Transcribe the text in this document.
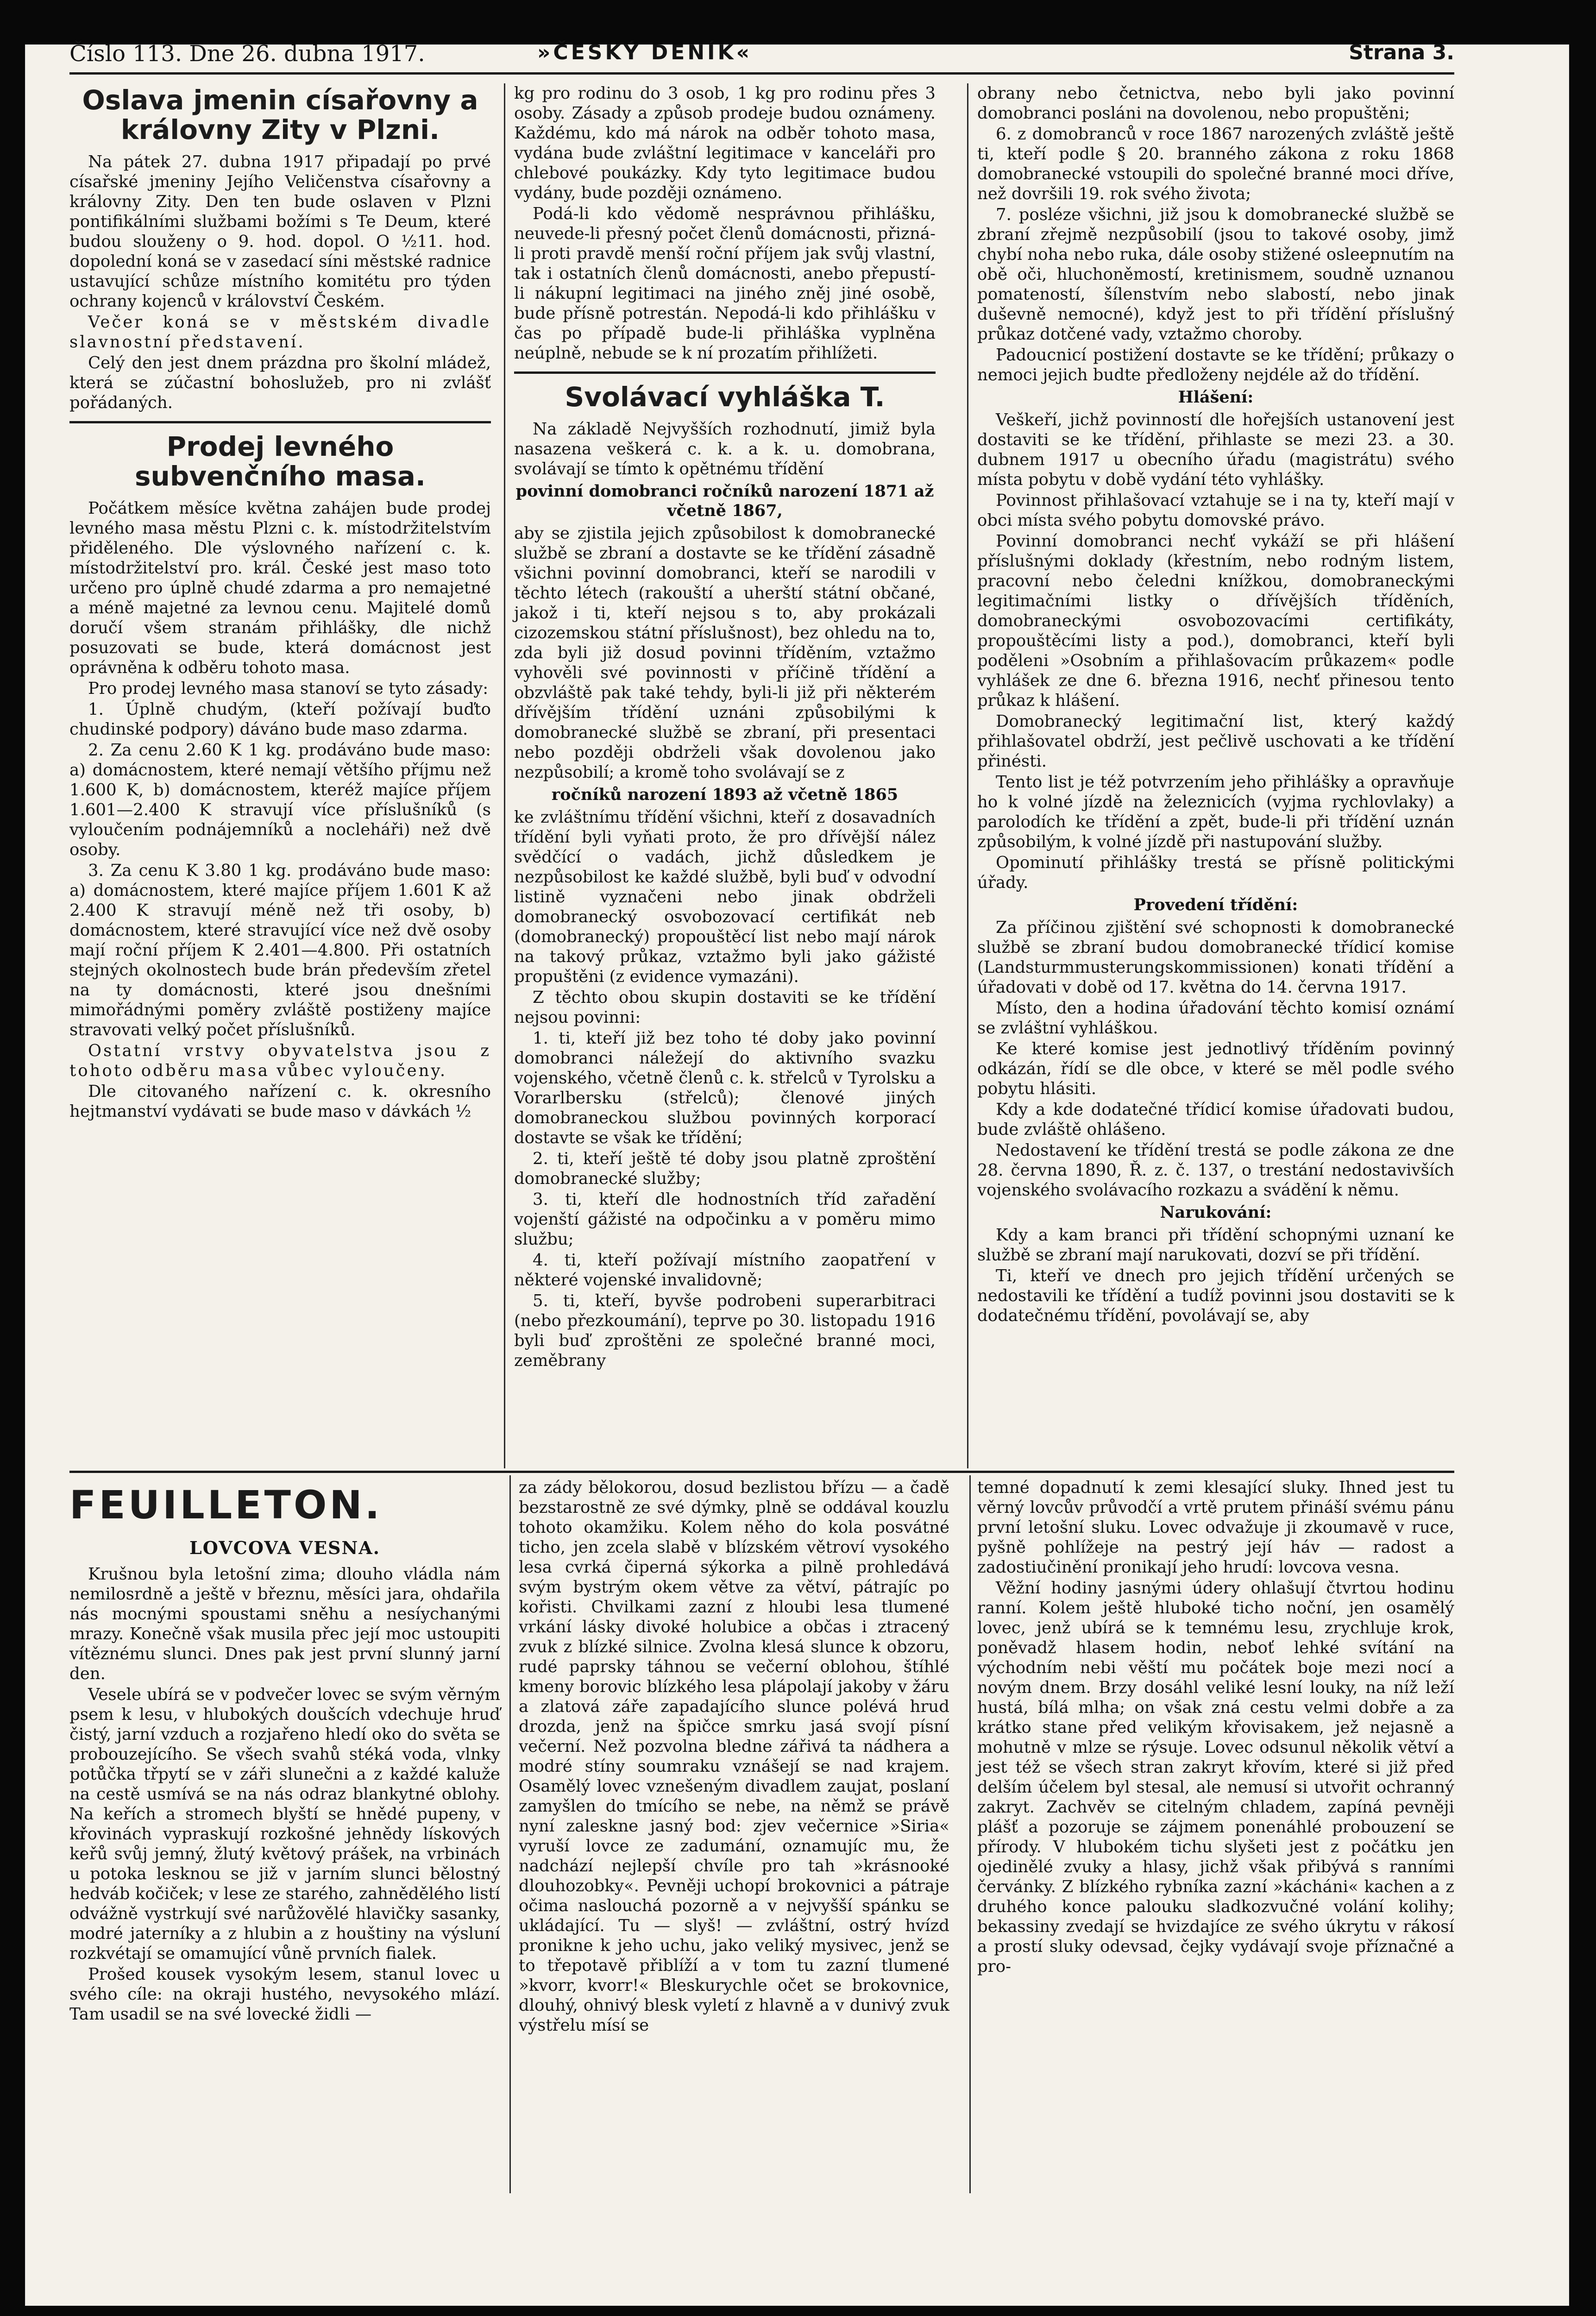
Číslo 113. Dne 26. dubna 1917.	»ČESKÝ DENÍK«	Strana 3.
Oslava jmenin císařovny a královny Zity v Plzni.

Na pátek 27. dubna 1917 připadají po prvé císařské jmeniny Jejího Veličenstva císařovny a královny Zity. Den ten bude oslaven v Plzni pontifikálními službami božími s Te Deum, které budou slouženy o 9. hod. dopol. O ½11. hod. dopolední koná se v zasedací síni městské radnice ustavující schůze místního komitétu pro týden ochrany kojenců v království Českém.

Večer koná se v městském divadle slavnostní představení.

Celý den jest dnem prázdna pro školní mládež, která se zúčastní bohoslužeb, pro ni zvlášť pořádaných.

Prodej levného subvenčního masa.

Počátkem měsíce května zahájen bude prodej levného masa městu Plzni c. k. místodržitelstvím přiděleného. Dle výslovného nařízení c. k. místodržitelství pro. král. České jest maso toto určeno pro úplně chudé zdarma a pro nemajetné a méně majetné za levnou cenu. Majitelé domů doručí všem stranám přihlášky, dle nichž posuzovati se bude, která domácnost jest oprávněna k odběru tohoto masa.

Pro prodej levného masa stanoví se tyto zásady:

1. Úplně chudým, (kteří požívají buďto chudinské podpory) dáváno bude maso zdarma.

2. Za cenu 2.60 K 1 kg. prodáváno bude maso: a) domácnostem, které nemají většího příjmu než 1.600 K, b) domácnostem, kteréž majíce příjem 1.601—2.400 K stravují více příslušníků (s vyloučením podnájemníků a nocleháři) než dvě osoby.

3. Za cenu K 3.80 1 kg. prodáváno bude maso: a) domácnostem, které majíce příjem 1.601 K až 2.400 K stravují méně než tři osoby, b) domácnostem, které stravující více než dvě osoby mají roční příjem K 2.401—4.800. Při ostatních stejných okolnostech bude brán především zřetel na ty domácnosti, které jsou dnešními mimořádnými poměry zvláště postiženy majíce stravovati velký počet příslušníků.

Ostatní vrstvy obyvatelstva jsou z tohoto odběru masa vůbec vyloučeny.

Dle citovaného nařízení c. k. okresního hejtmanství vydávati se bude maso v dávkách ½

kg pro rodinu do 3 osob, 1 kg pro rodinu přes 3 osoby. Zásady a způsob prodeje budou oznámeny. Každému, kdo má nárok na odběr tohoto masa, vydána bude zvláštní legitimace v kanceláři pro chlebové poukázky. Kdy tyto legitimace budou vydány, bude později oznámeno.

Podá-li kdo vědomě nesprávnou přihlášku, neuvede-li přesný počet členů domácnosti, přizná-li proti pravdě menší roční příjem jak svůj vlastní, tak i ostatních členů domácnosti, anebo přepustí-li nákupní legitimaci na jiného zněj jiné osobě, bude přísně potrestán. Nepodá-li kdo přihlášku v čas po případě bude-li přihláška vyplněna neúplně, nebude se k ní prozatím přihlížeti.

Svolávací vyhláška T.

Na základě Nejvyšších rozhodnutí, jimiž byla nasazena veškerá c. k. a k. u. domobrana, svolávají se tímto k opětnému třídění

povinní domobranci ročníků narození 1871 až včetně 1867,

aby se zjistila jejich způsobilost k domobranecké službě se zbraní a dostavte se ke třídění zásadně všichni povinní domobranci, kteří se narodili v těchto létech (rakouští a uherští státní občané, jakož i ti, kteří nejsou s to, aby prokázali cizozemskou státní příslušnost), bez ohledu na to, zda byli již dosud povinni tříděním, vztažmo vyhověli své povinnosti v příčině třídění a obzvláště pak také tehdy, byli-li již při některém dřívějším třídění uznáni způsobilými k domobranecké službě se zbraní, při presentaci nebo později obdrželi však dovolenou jako nezpůsobilí; a kromě toho svolávají se z

ročníků narození 1893 až včetně 1865

ke zvláštnímu třídění všichni, kteří z dosavadních třídění byli vyňati proto, že pro dřívější nález svědčící o vadách, jichž důsledkem je nezpůsobilost ke každé službě, byli buď v odvodní listině vyznačeni nebo jinak obdrželi domobranecký osvobozovací certifikát neb (domobranecký) propouštěcí list nebo mají nárok na takový průkaz, vztažmo byli jako gážisté propuštěni (z evidence vymazáni).

Z těchto obou skupin dostaviti se ke třídění nejsou povinni:

1. ti, kteří již bez toho té doby jako povinní domobranci náležejí do aktivního svazku vojenského, včetně členů c. k. střelců v Tyrolsku a Vorarlbersku (střelců); členové jiných domobraneckou službou povinných korporací dostavte se však ke třídění;

2. ti, kteří ještě té doby jsou platně zproštění domobranecké služby;

3. ti, kteří dle hodnostních tříd zařadění vojenští gážisté na odpočinku a v poměru mimo službu;

4. ti, kteří požívají místního zaopatření v některé vojenské invalidovně;

5. ti, kteří, byvše podrobeni superarbitraci (nebo přezkoumání), teprve po 30. listopadu 1916 byli buď zproštěni ze společné branné moci, zeměbrany

obrany nebo četnictva, nebo byli jako povinní domobranci posláni na dovolenou, nebo propuštěni;

6. z domobranců v roce 1867 narozených zvláště ještě ti, kteří podle § 20. branného zákona z roku 1868 domobranecké vstoupili do společné branné moci dříve, než dovršili 19. rok svého života;

7. posléze všichni, již jsou k domobranecké službě se zbraní zřejmě nezpůsobilí (jsou to takové osoby, jimž chybí noha nebo ruka, dále osoby stižené osleepnutím na obě oči, hluchoněmostí, kretinismem, soudně uznanou pomateností, šílenstvím nebo slabostí, nebo jinak duševně nemocné), když jest to při třídění příslušný průkaz dotčené vady, vztažmo choroby.

Padoucnicí postižení dostavte se ke třídění; průkazy o nemoci jejich budte předloženy nejdéle až do třídění.

Hlášení:

Veškeří, jichž povinností dle hořejších ustanovení jest dostaviti se ke třídění, přihlaste se mezi 23. a 30. dubnem 1917 u obecního úřadu (magistrátu) svého místa pobytu v době vydání této vyhlášky.

Povinnost přihlašovací vztahuje se i na ty, kteří mají v obci místa svého pobytu domovské právo.

Povinní domobranci nechť vykáží se při hlášení příslušnými doklady (křestním, nebo rodným listem, pracovní nebo čeledni knížkou, domobraneckými legitimačními listky o dřívějších tříděních, domobraneckými osvobozovacími certifikáty, propouštěcími listy a pod.), domobranci, kteří byli poděleni »Osobním a přihlašovacím průkazem« podle vyhlášek ze dne 6. března 1916, nechť přinesou tento průkaz k hlášení.

Domobranecký legitimační list, který každý přihlašovatel obdrží, jest pečlivě uschovati a ke třídění přinésti.

Tento list je též potvrzením jeho přihlášky a opravňuje ho k volné jízdě na železnicích (vyjma rychlovlaky) a parolodích ke třídění a zpět, bude-li při třídění uznán způsobilým, k volné jízdě při nastupování služby.

Opominutí přihlášky trestá se přísně politickými úřady.

Provedení třídění:

Za příčinou zjištění své schopnosti k domobranecké službě se zbraní budou domobranecké třídicí komise (Landsturmmusterungskommissionen) konati třídění a úřadovati v době od 17. května do 14. června 1917.

Místo, den a hodina úřadování těchto komisí oznámí se zvláštní vyhláškou.

Ke které komise jest jednotlivý tříděním povinný odkázán, řídí se dle obce, v které se měl podle svého pobytu hlásiti.

Kdy a kde dodatečné třídicí komise úřadovati budou, bude zvláště ohlášeno.

Nedostavení ke třídění trestá se podle zákona ze dne 28. června 1890, Ř. z. č. 137, o trestání nedostavivších vojenského svolávacího rozkazu a svádění k němu.

Narukování:

Kdy a kam branci při třídění schopnými uznaní ke službě se zbraní mají narukovati, dozví se při třídění.

Ti, kteří ve dnech pro jejich třídění určených se nedostavili ke třídění a tudíž povinni jsou dostaviti se k dodatečnému třídění, povolávají se, aby

FEUILLETON.
LOVCOVA VESNA.

Krušnou byla letošní zima; dlouho vládla nám nemilosrdně a ještě v březnu, měsíci jara, ohdařila nás mocnými spoustami sněhu a nesíychanými mrazy. Konečně však musila přec její moc ustoupiti vítěznému slunci. Dnes pak jest první slunný jarní den.

Vesele ubírá se v podvečer lovec se svým věrným psem k lesu, v hlubokých doušcích vdechuje hruď čistý, jarní vzduch a rozjařeno hledí oko do světa se probouzejícího. Se všech svahů stéká voda, vlnky potůčka třpytí se v záři slunečni a z každé kaluže na cestě usmívá se na nás odraz blankytné oblohy. Na keřích a stromech blyští se hnědé pupeny, v křovinách vypraskují rozkošné jehnědy lískových keřů svůj jemný, žlutý květový prášek, na vrbinách u potoka lesknou se již v jarním slunci bělostný hedváb kočiček; v lese ze starého, zahnědělého listí odvážně vystrkují své narůžovělé hlavičky sasanky, modré jaterníky a z hlubin a z houštiny na výsluní rozkvétají se omamující vůně prvních fialek.

Prošed kousek vysokým lesem, stanul lovec u svého cíle: na okraji hustého, nevysokého mlází. Tam usadil se na své lovecké židli —

za zády bělokorou, dosud bezlistou břízu — a čadě bezstarostně ze své dýmky, plně se oddával kouzlu tohoto okamžiku. Kolem něho do kola posvátné ticho, jen zcela slabě v blízském větroví vysokého lesa cvrká čiperná sýkorka a pilně prohledává svým bystrým okem větve za větví, pátrajíc po kořisti. Chvilkami zazní z hloubi lesa tlumené vrkání lásky divoké holubice a občas i ztracený zvuk z blízké silnice. Zvolna klesá slunce k obzoru, rudé paprsky táhnou se večerní oblohou, štíhlé kmeny borovic blízkého lesa plápolají jakoby v žáru a zlatová záře zapadajícího slunce polévá hrud drozda, jenž na špičce smrku jasá svojí písní večerní. Než pozvolna bledne zářivá ta nádhera a modré stíny soumraku vznášejí se nad krajem. Osamělý lovec vznešeným divadlem zaujat, poslaní zamyšlen do tmícího se nebe, na němž se právě nyní zaleskne jasný bod: zjev večernice »Siria« vyruší lovce ze zadumání, oznamujíc mu, že nadchází nejlepší chvíle pro tah »krásnooké dlouhozobky«. Pevněji uchopí brokovnici a pátraje očima naslouchá pozorně a v nejvyšší spánku se ukládající. Tu — slyš! — zvláštní, ostrý hvízd pronikne k jeho uchu, jako veliký mysivec, jenž se to třepotavě přiblíží a v tom tu zazní tlumené »kvorr, kvorr!« Bleskurychle očet se brokovnice, dlouhý, ohnivý blesk vyletí z hlavně a v dunivý zvuk výstřelu mísí se

temné dopadnutí k zemi klesající sluky. Ihned jest tu věrný lovcův průvodčí a vrtě prutem přináší svému pánu první letošní sluku. Lovec odvažuje ji zkoumavě v ruce, pyšně pohlížeje na pestrý její háv — radost a zadostiučinění pronikají jeho hrudí: lovcova vesna.

Věžní hodiny jasnými údery ohlašují čtvrtou hodinu ranní. Kolem ještě hluboké ticho noční, jen osamělý lovec, jenž ubírá se k temnému lesu, zrychluje krok, poněvadž hlasem hodin, neboť lehké svítání na východním nebi věští mu počátek boje mezi nocí a novým dnem. Brzy dosáhl veliké lesní louky, na níž leží hustá, bílá mlha; on však zná cestu velmi dobře a za krátko stane před velikým křovisakem, jež nejasně a mohutně v mlze se rýsuje. Lovec odsunul několik větví a jest též se všech stran zakryt křovím, které si již před delším účelem byl stesal, ale nemusí si utvořit ochranný zakryt. Zachvěv se citelným chladem, zapíná pevněji plášť a pozoruje se zájmem ponenáhlé probouzení se přírody. V hlubokém tichu slyšeti jest z počátku jen ojedinělé zvuky a hlasy, jichž však přibývá s ranními červánky. Z blízkého rybníka zazní »kácháni« kachen a z druhého konce palouku sladkozvučné volání kolihy; bekassiny zvedají se hvizdajíce ze svého úkrytu v rákosí a prostí sluky odevsad, čejky vydávají svoje příznačné a pro-
